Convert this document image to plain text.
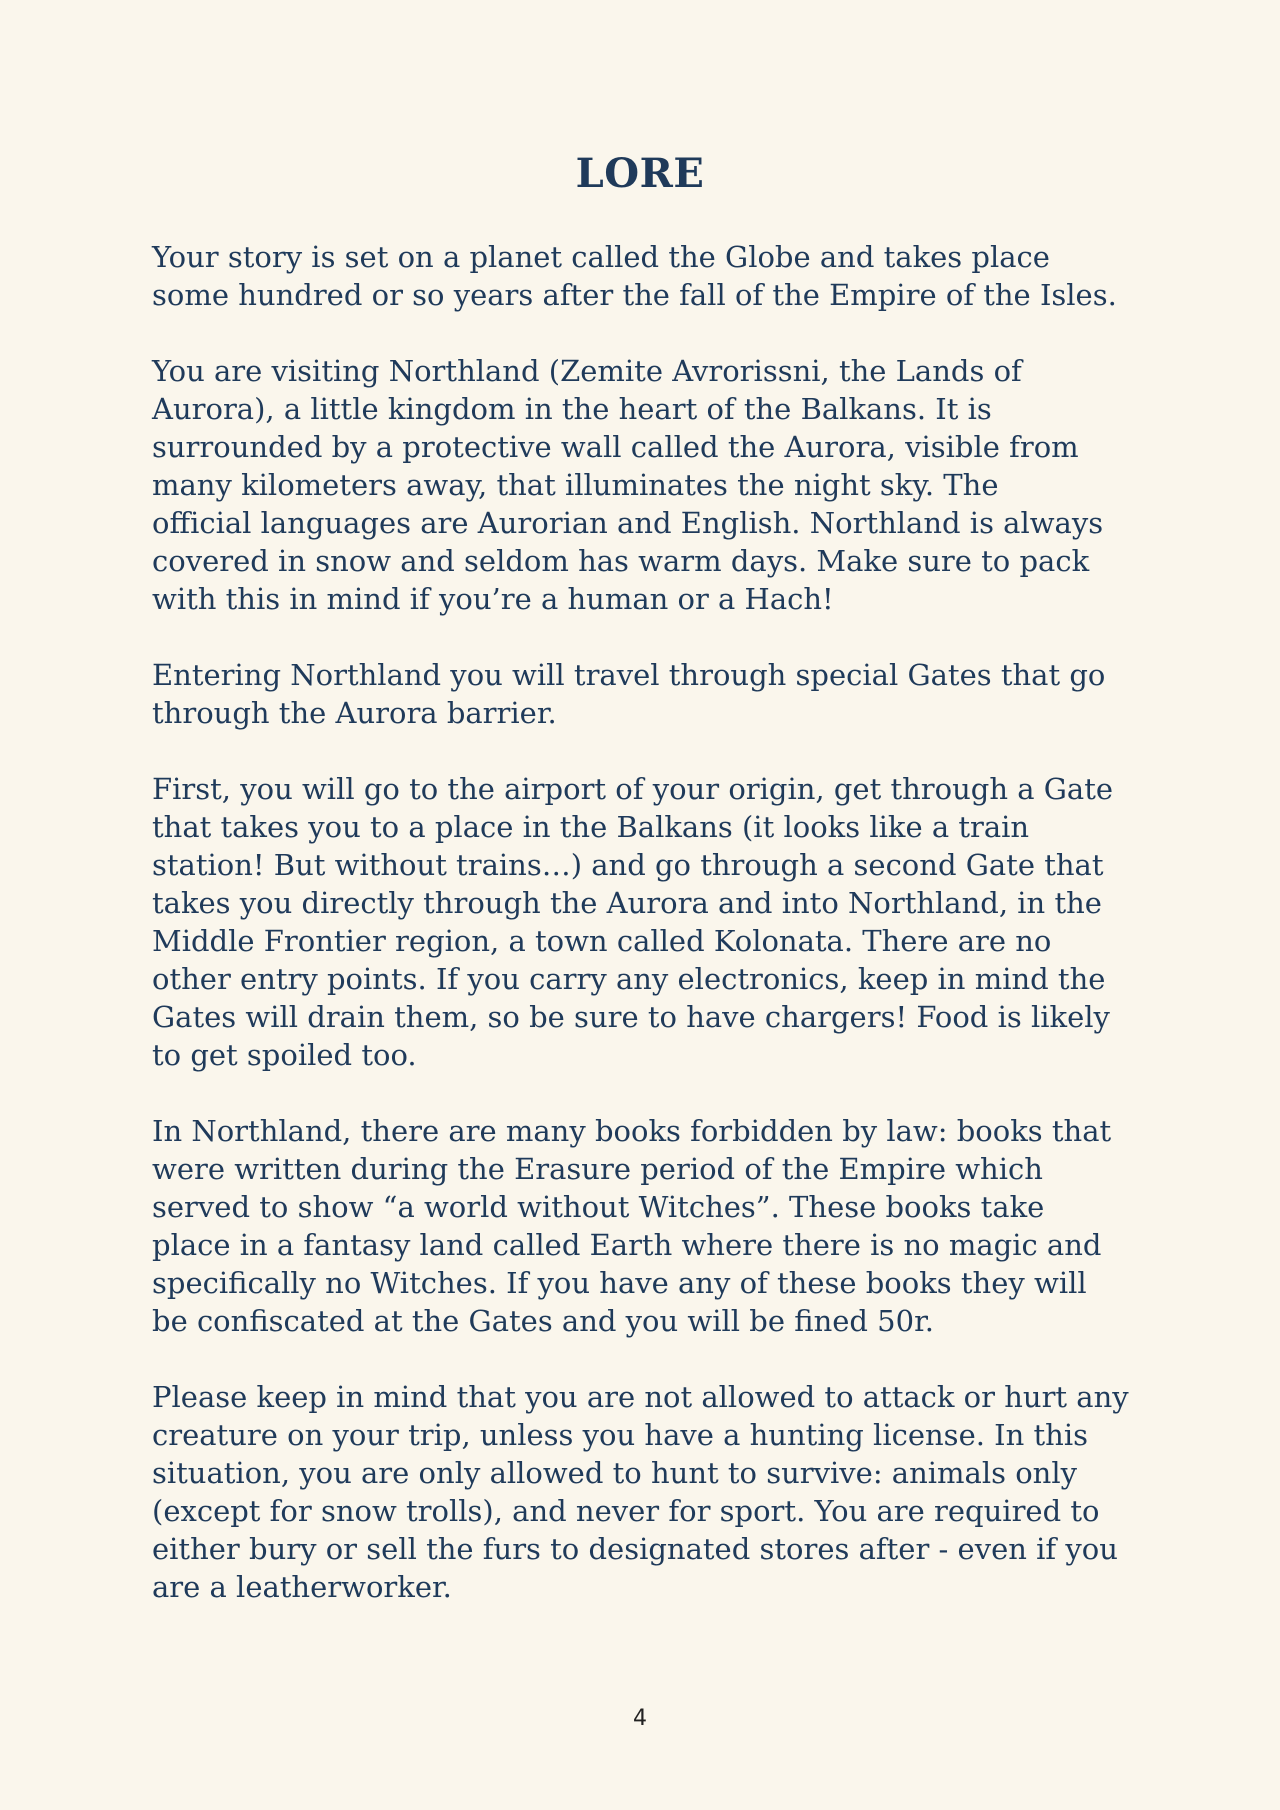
LORE

Your story is set on a planet called the Globe and takes place
some hundred or so years after the fall of the Empire of the Isles.

You are visiting Northland (Zemite Avrorissni, the Lands of
Aurora), a little kingdom in the heart of the Balkans. It is
surrounded by a protective wall called the Aurora, visible from
many kilometers away, that illuminates the night sky. The
official languages are Aurorian and English. Northland is always
covered in snow and seldom has warm days. Make sure to pack
with this in mind if you’re a human or a Hach!

Entering Northland you will travel through special Gates that go
through the Aurora barrier.

First, you will go to the airport of your origin, get through a Gate
that takes you to a place in the Balkans (it looks like a train
station! But without trains…) and go through a second Gate that
takes you directly through the Aurora and into Northland, in the
Middle Frontier region, a town called Kolonata. There are no
other entry points. If you carry any electronics, keep in mind the
Gates will drain them, so be sure to have chargers! Food is likely
to get spoiled too.

In Northland, there are many books forbidden by law: books that
were written during the Erasure period of the Empire which
served to show “a world without Witches”. These books take
place in a fantasy land called Earth where there is no magic and
specifically no Witches. If you have any of these books they will
be confiscated at the Gates and you will be fined 50r.

Please keep in mind that you are not allowed to attack or hurt any
creature on your trip, unless you have a hunting license. In this
situation, you are only allowed to hunt to survive: animals only
(except for snow trolls), and never for sport. You are required to
either bury or sell the furs to designated stores after - even if you
are a leatherworker.

4
